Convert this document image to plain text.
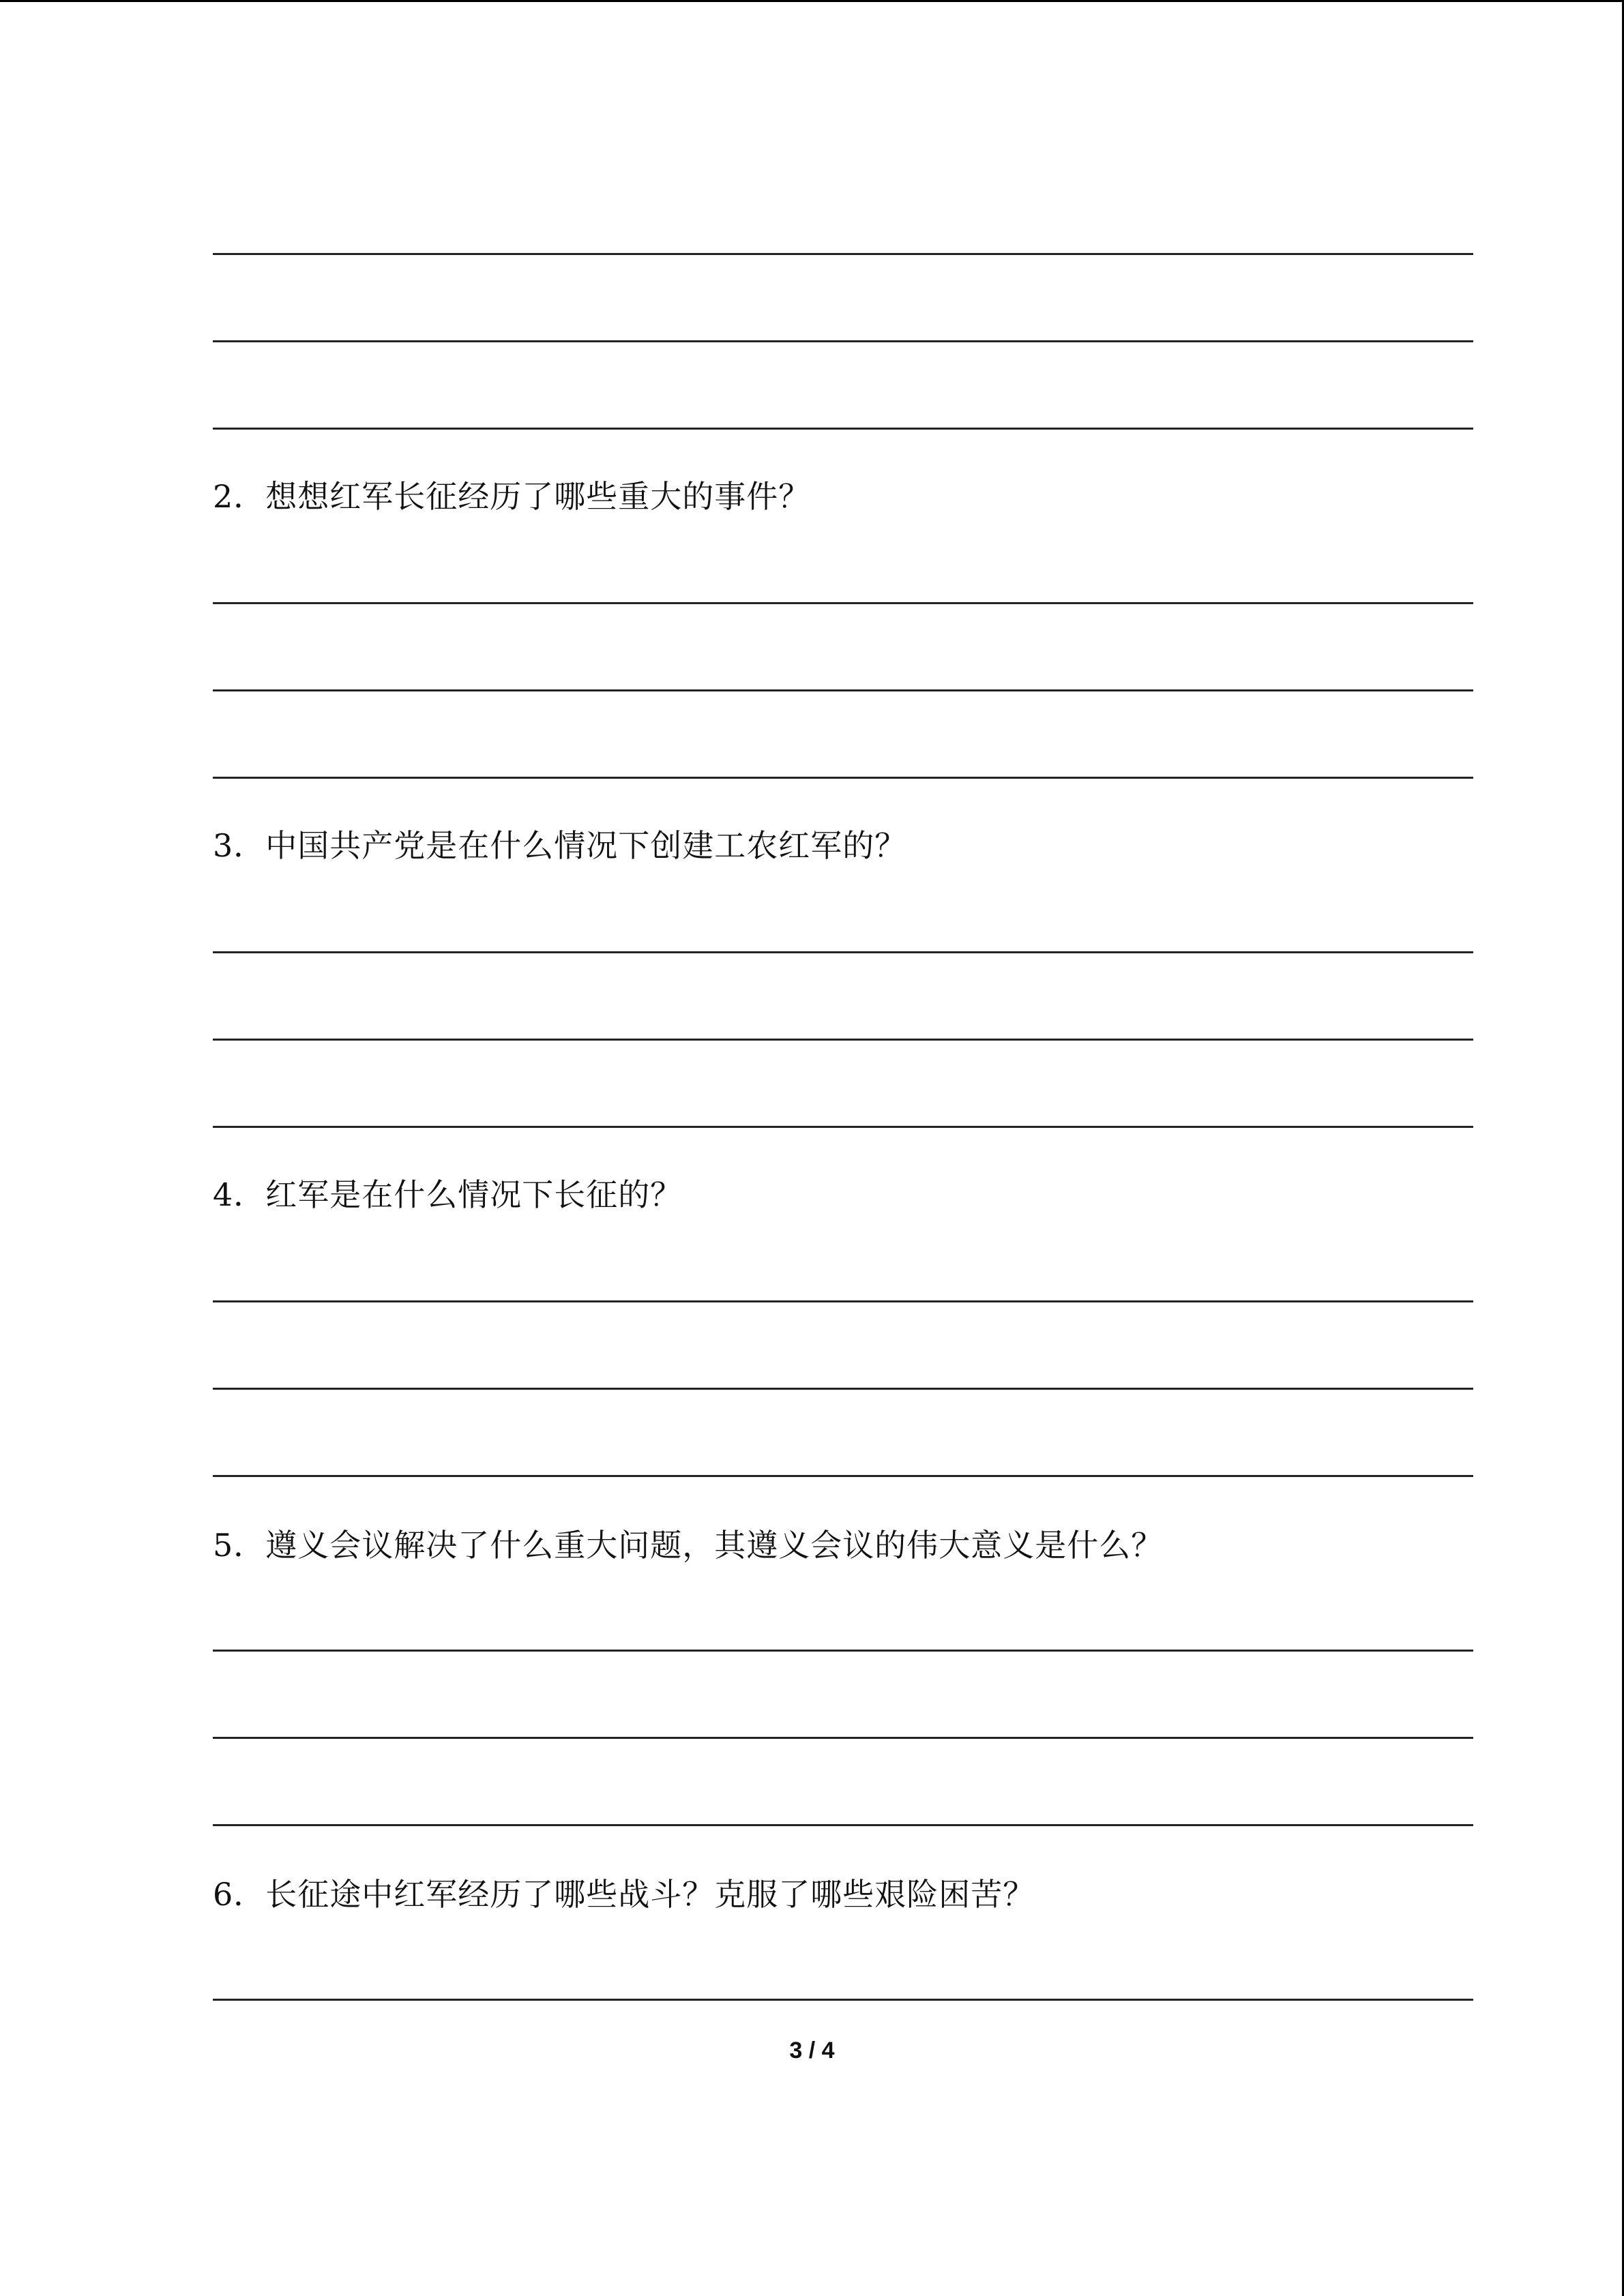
2．想想红军长征经历了哪些重大的事件？
3．中国共产党是在什么情况下创建工农红军的？
4．红军是在什么情况下长征的？
5．遵义会议解决了什么重大问题，其遵义会议的伟大意义是什么？
6．长征途中红军经历了哪些战斗？克服了哪些艰险困苦？
3 / 4
